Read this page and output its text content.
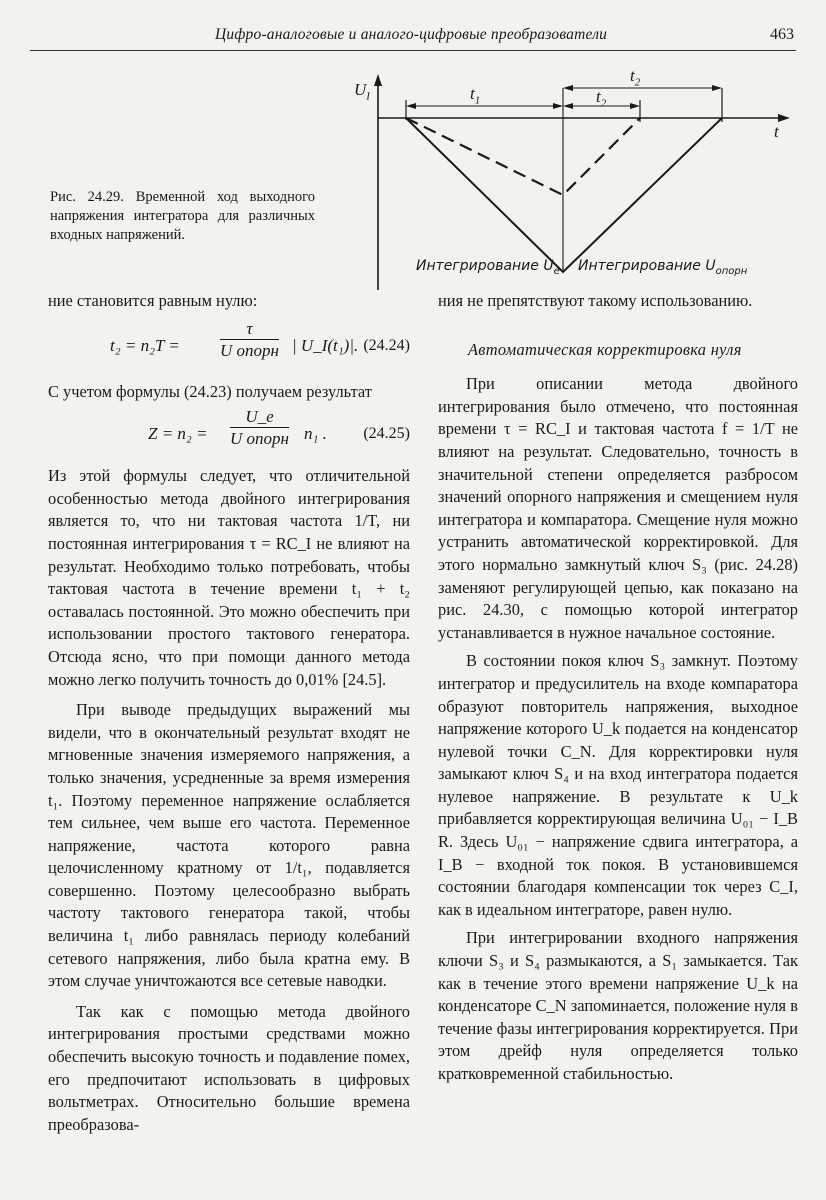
Цифро-аналоговые и аналого-цифровые преобразователи	463
$U_I$
t
$t_1$
$t_2$
$t_2$
Интегрирование $U_e$ Интегрирование $U_{опорн}$
Рис. 24.29. Временной ход выходного напряжения интегратора для различных входных напряжений.

ние становится равным нулю:

t₂ = n₂T =
τ
U опорн | U_I(t₁)|. (24.24)

С учетом формулы (24.23) получаем результат

Z = n₂ =
U_e
U опорн n₁ . (24.25)

Из этой формулы следует, что отличительной особенностью метода двойного интегрирования является то, что ни тактовая частота 1/T, ни постоянная интегрирования τ = RC_I не влияют на результат. Необходимо только потребовать, чтобы тактовая частота в течение времени t₁ + t₂ оставалась постоянной. Это можно обеспечить при использовании простого тактового генератора. Отсюда ясно, что при помощи данного метода можно легко получить точность до 0,01% [24.5].

При выводе предыдущих выражений мы видели, что в окончательный результат входят не мгновенные значения измеряемого напряжения, а только значения, усредненные за время измерения t₁. Поэтому переменное напряжение ослабляется тем сильнее, чем выше его частота. Переменное напряжение, частота которого равна целочисленному кратному от 1/t₁, подавляется совершенно. Поэтому целесообразно выбрать частоту тактового генератора такой, чтобы величина t₁ либо равнялась периоду колебаний сетевого напряжения, либо была кратна ему. В этом случае уничтожаются все сетевые наводки.

Так как с помощью метода двойного интегрирования простыми средствами можно обеспечить высокую точность и подавление помех, его предпочитают использовать в цифровых вольтметрах. Относительно большие времена преобразова-

ния не препятствуют такому использованию.

Автоматическая корректировка нуля

При описании метода двойного интегрирования было отмечено, что постоянная времени τ = RC_I и тактовая частота f = 1/T не влияют на результат. Следовательно, точность в значительной степени определяется разбросом значений опорного напряжения и смещением нуля интегратора и компаратора. Смещение нуля можно устранить автоматической корректировкой. Для этого нормально замкнутый ключ S₃ (рис. 24.28) заменяют регулирующей цепью, как показано на рис. 24.30, с помощью которой интегратор устанавливается в нужное начальное состояние.

В состоянии покоя ключ S₃ замкнут. Поэтому интегратор и предусилитель на входе компаратора образуют повторитель напряжения, выходное напряжение которого U_k подается на конденсатор нулевой точки C_N. Для корректировки нуля замыкают ключ S₄ и на вход интегратора подается нулевое напряжение. В результате к U_k прибавляется корректирующая величина U₀₁ − I_B R. Здесь U₀₁ − напряжение сдвига интегратора, а I_B − входной ток покоя. В установившемся состоянии благодаря компенсации ток через C_I, как в идеальном интеграторе, равен нулю.

При интегрировании входного напряжения ключи S₃ и S₄ размыкаются, а S₁ замыкается. Так как в течение этого времени напряжение U_k на конденсаторе C_N запоминается, положение нуля в течение фазы интегрирования корректируется. При этом дрейф нуля определяется только кратковременной стабильностью.
